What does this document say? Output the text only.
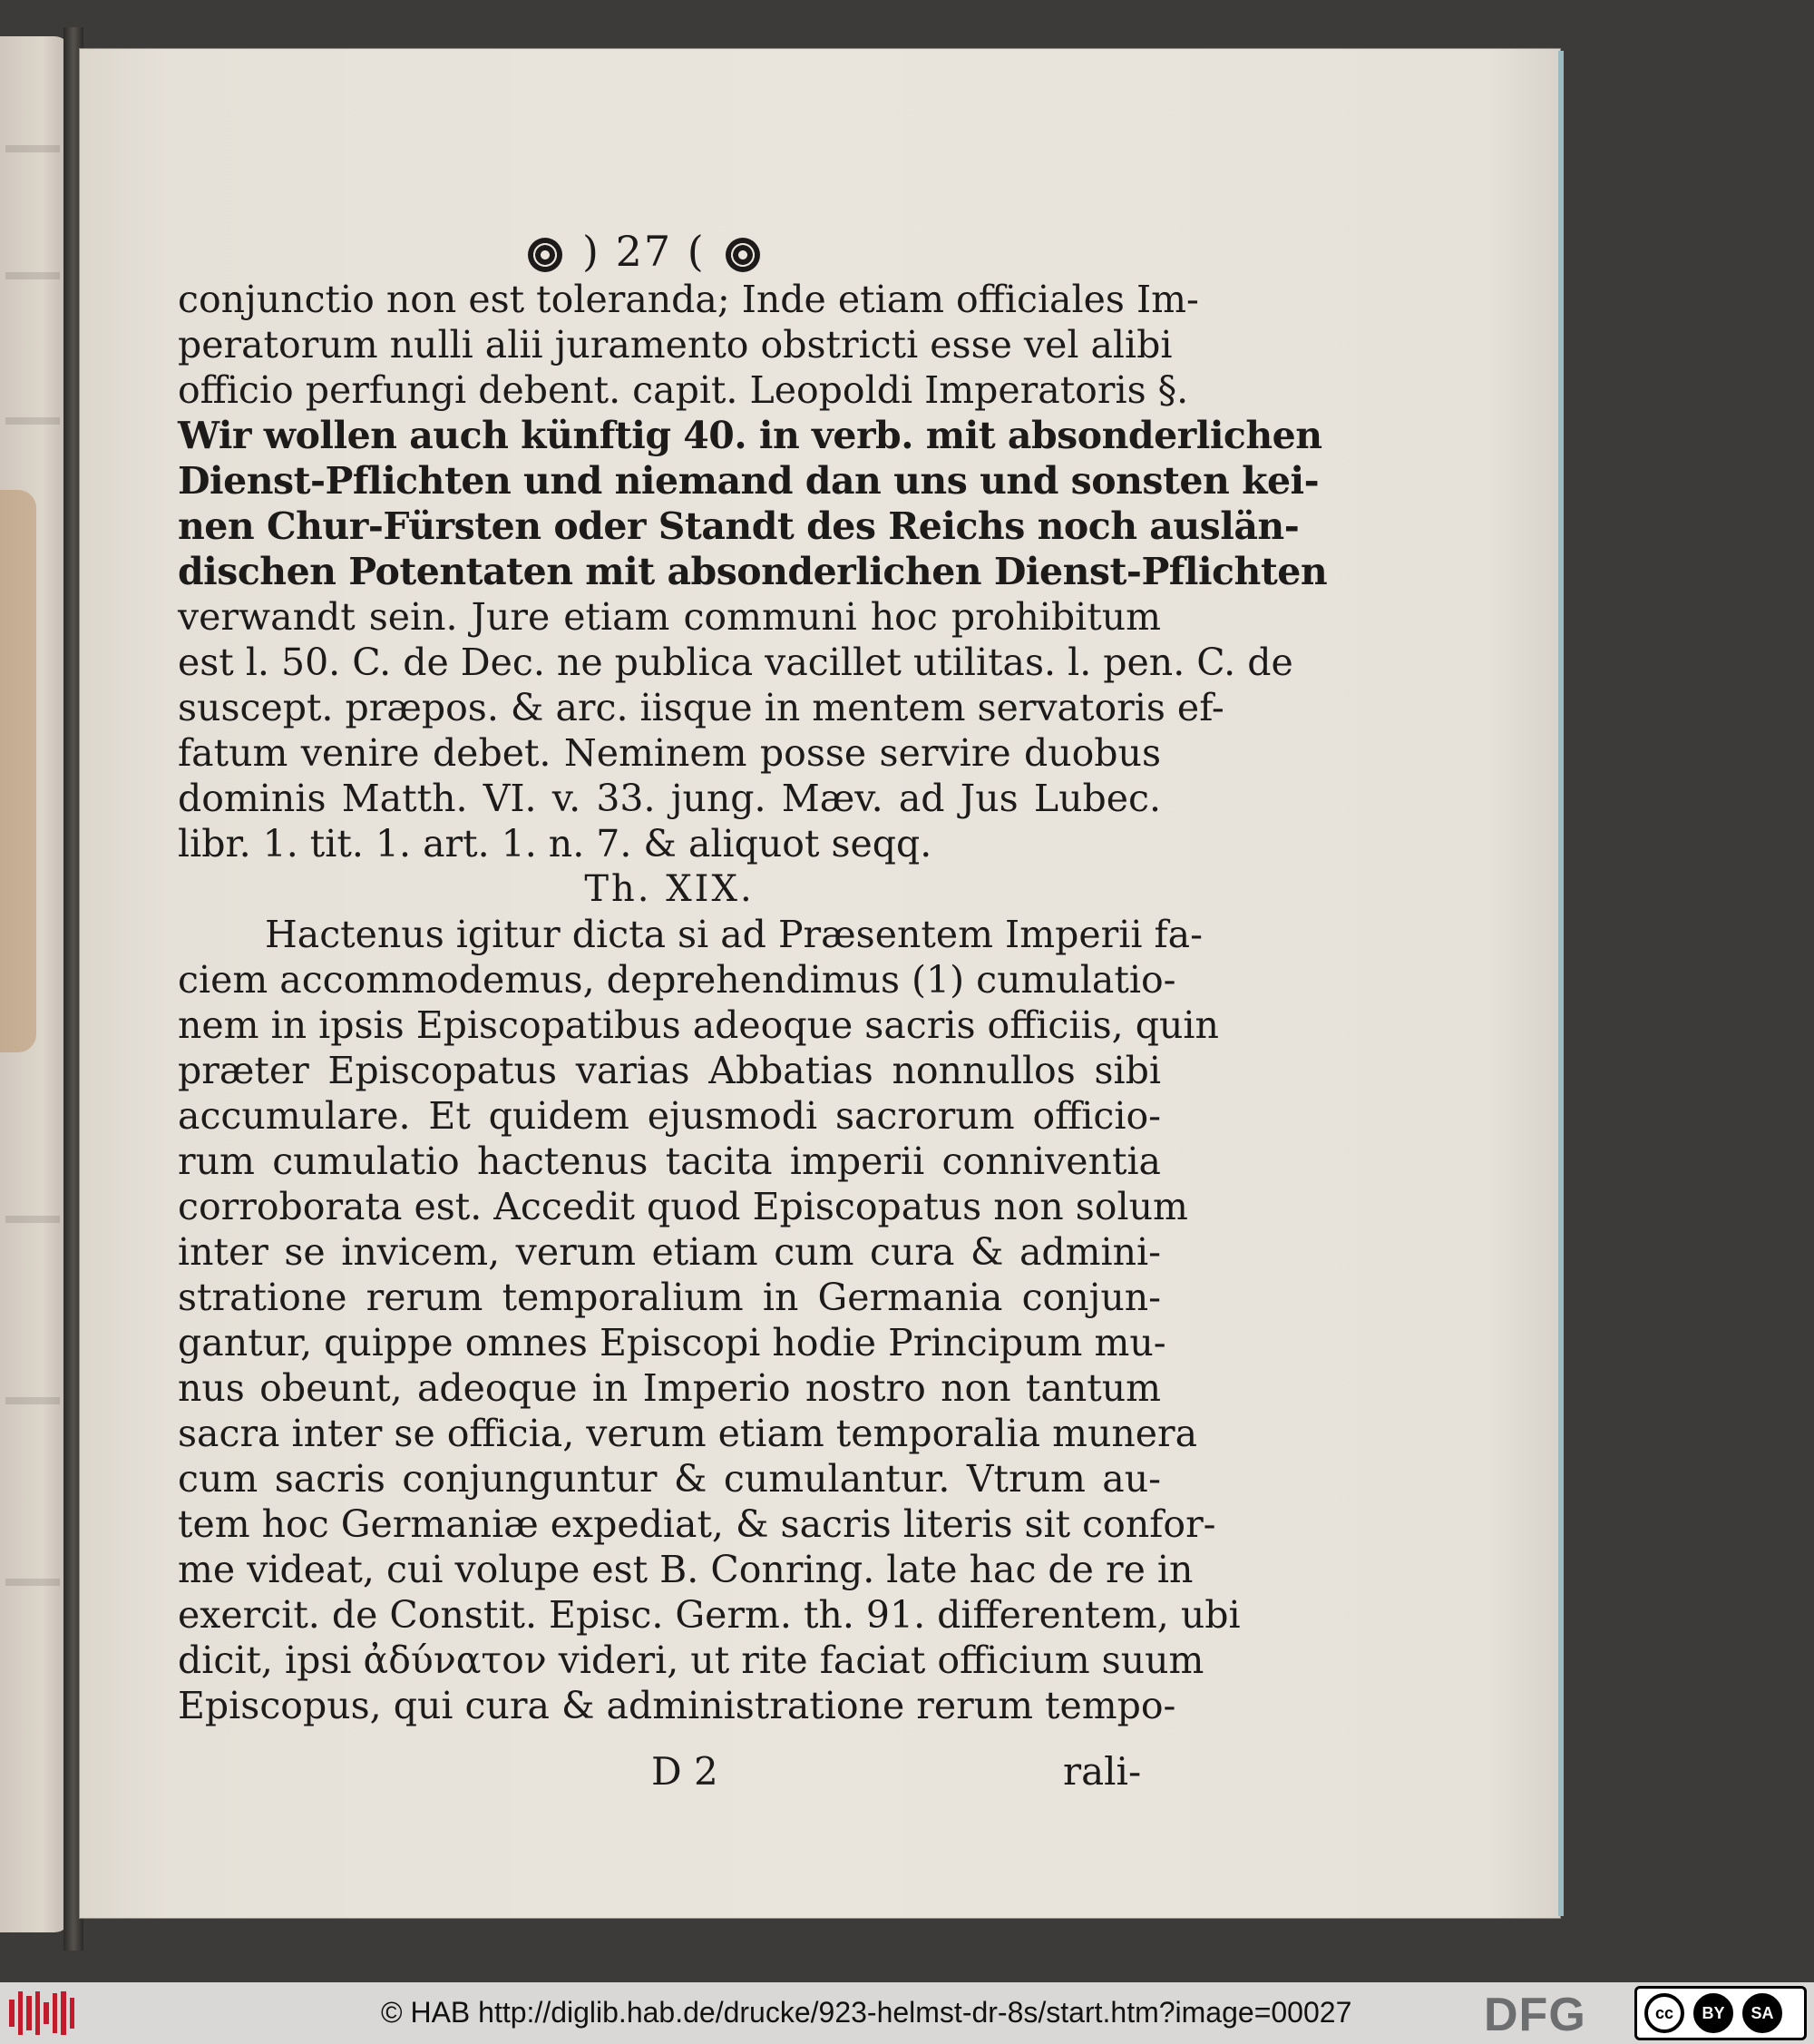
) 27 (
conjunctio non est toleranda; Inde etiam officiales Im-
peratorum nulli alii juramento obstricti esse vel alibi
officio perfungi debent. capit. Leopoldi Imperatoris §.
Wir wollen auch künftig 40. in verb. mit absonderlichen
Dienst-Pflichten und niemand dan uns und sonsten kei-
nen Chur-Fürsten oder Standt des Reichs noch auslän-
dischen Potentaten mit absonderlichen Dienst-Pflichten
verwandt sein. Jure etiam communi hoc prohibitum
est l. 50. C. de Dec. ne publica vacillet utilitas. l. pen. C. de
suscept. præpos. & arc. iisque in mentem servatoris ef-
fatum venire debet. Neminem posse servire duobus
dominis Matth. VI. v. 33. jung. Mæv. ad Jus Lubec.
libr. 1. tit. 1. art. 1. n. 7. & aliquot seqq.
Th. XIX.
Hactenus igitur dicta si ad Præsentem Imperii fa-
ciem accommodemus, deprehendimus (1) cumulatio-
nem in ipsis Episcopatibus adeoque sacris officiis, quin
præter Episcopatus varias Abbatias nonnullos sibi
accumulare. Et quidem ejusmodi sacrorum officio-
rum cumulatio hactenus tacita imperii conniventia
corroborata est. Accedit quod Episcopatus non solum
inter se invicem, verum etiam cum cura & admini-
stratione rerum temporalium in Germania conjun-
gantur, quippe omnes Episcopi hodie Principum mu-
nus obeunt, adeoque in Imperio nostro non tantum
sacra inter se officia, verum etiam temporalia munera
cum sacris conjunguntur & cumulantur. Vtrum au-
tem hoc Germaniæ expediat, & sacris literis sit confor-
me videat, cui volupe est B. Conring. late hac de re in
exercit. de Constit. Episc. Germ. th. 91. differentem, ubi
dicit, ipsi ἀδύνατον videri, ut rite faciat officium suum
Episcopus, qui cura & administratione rerum tempo-
D 2	rali-
© HAB http://diglib.hab.de/drucke/923-helmst-dr-8s/start.htm?image=00027	DFG	cc	BY	SA
